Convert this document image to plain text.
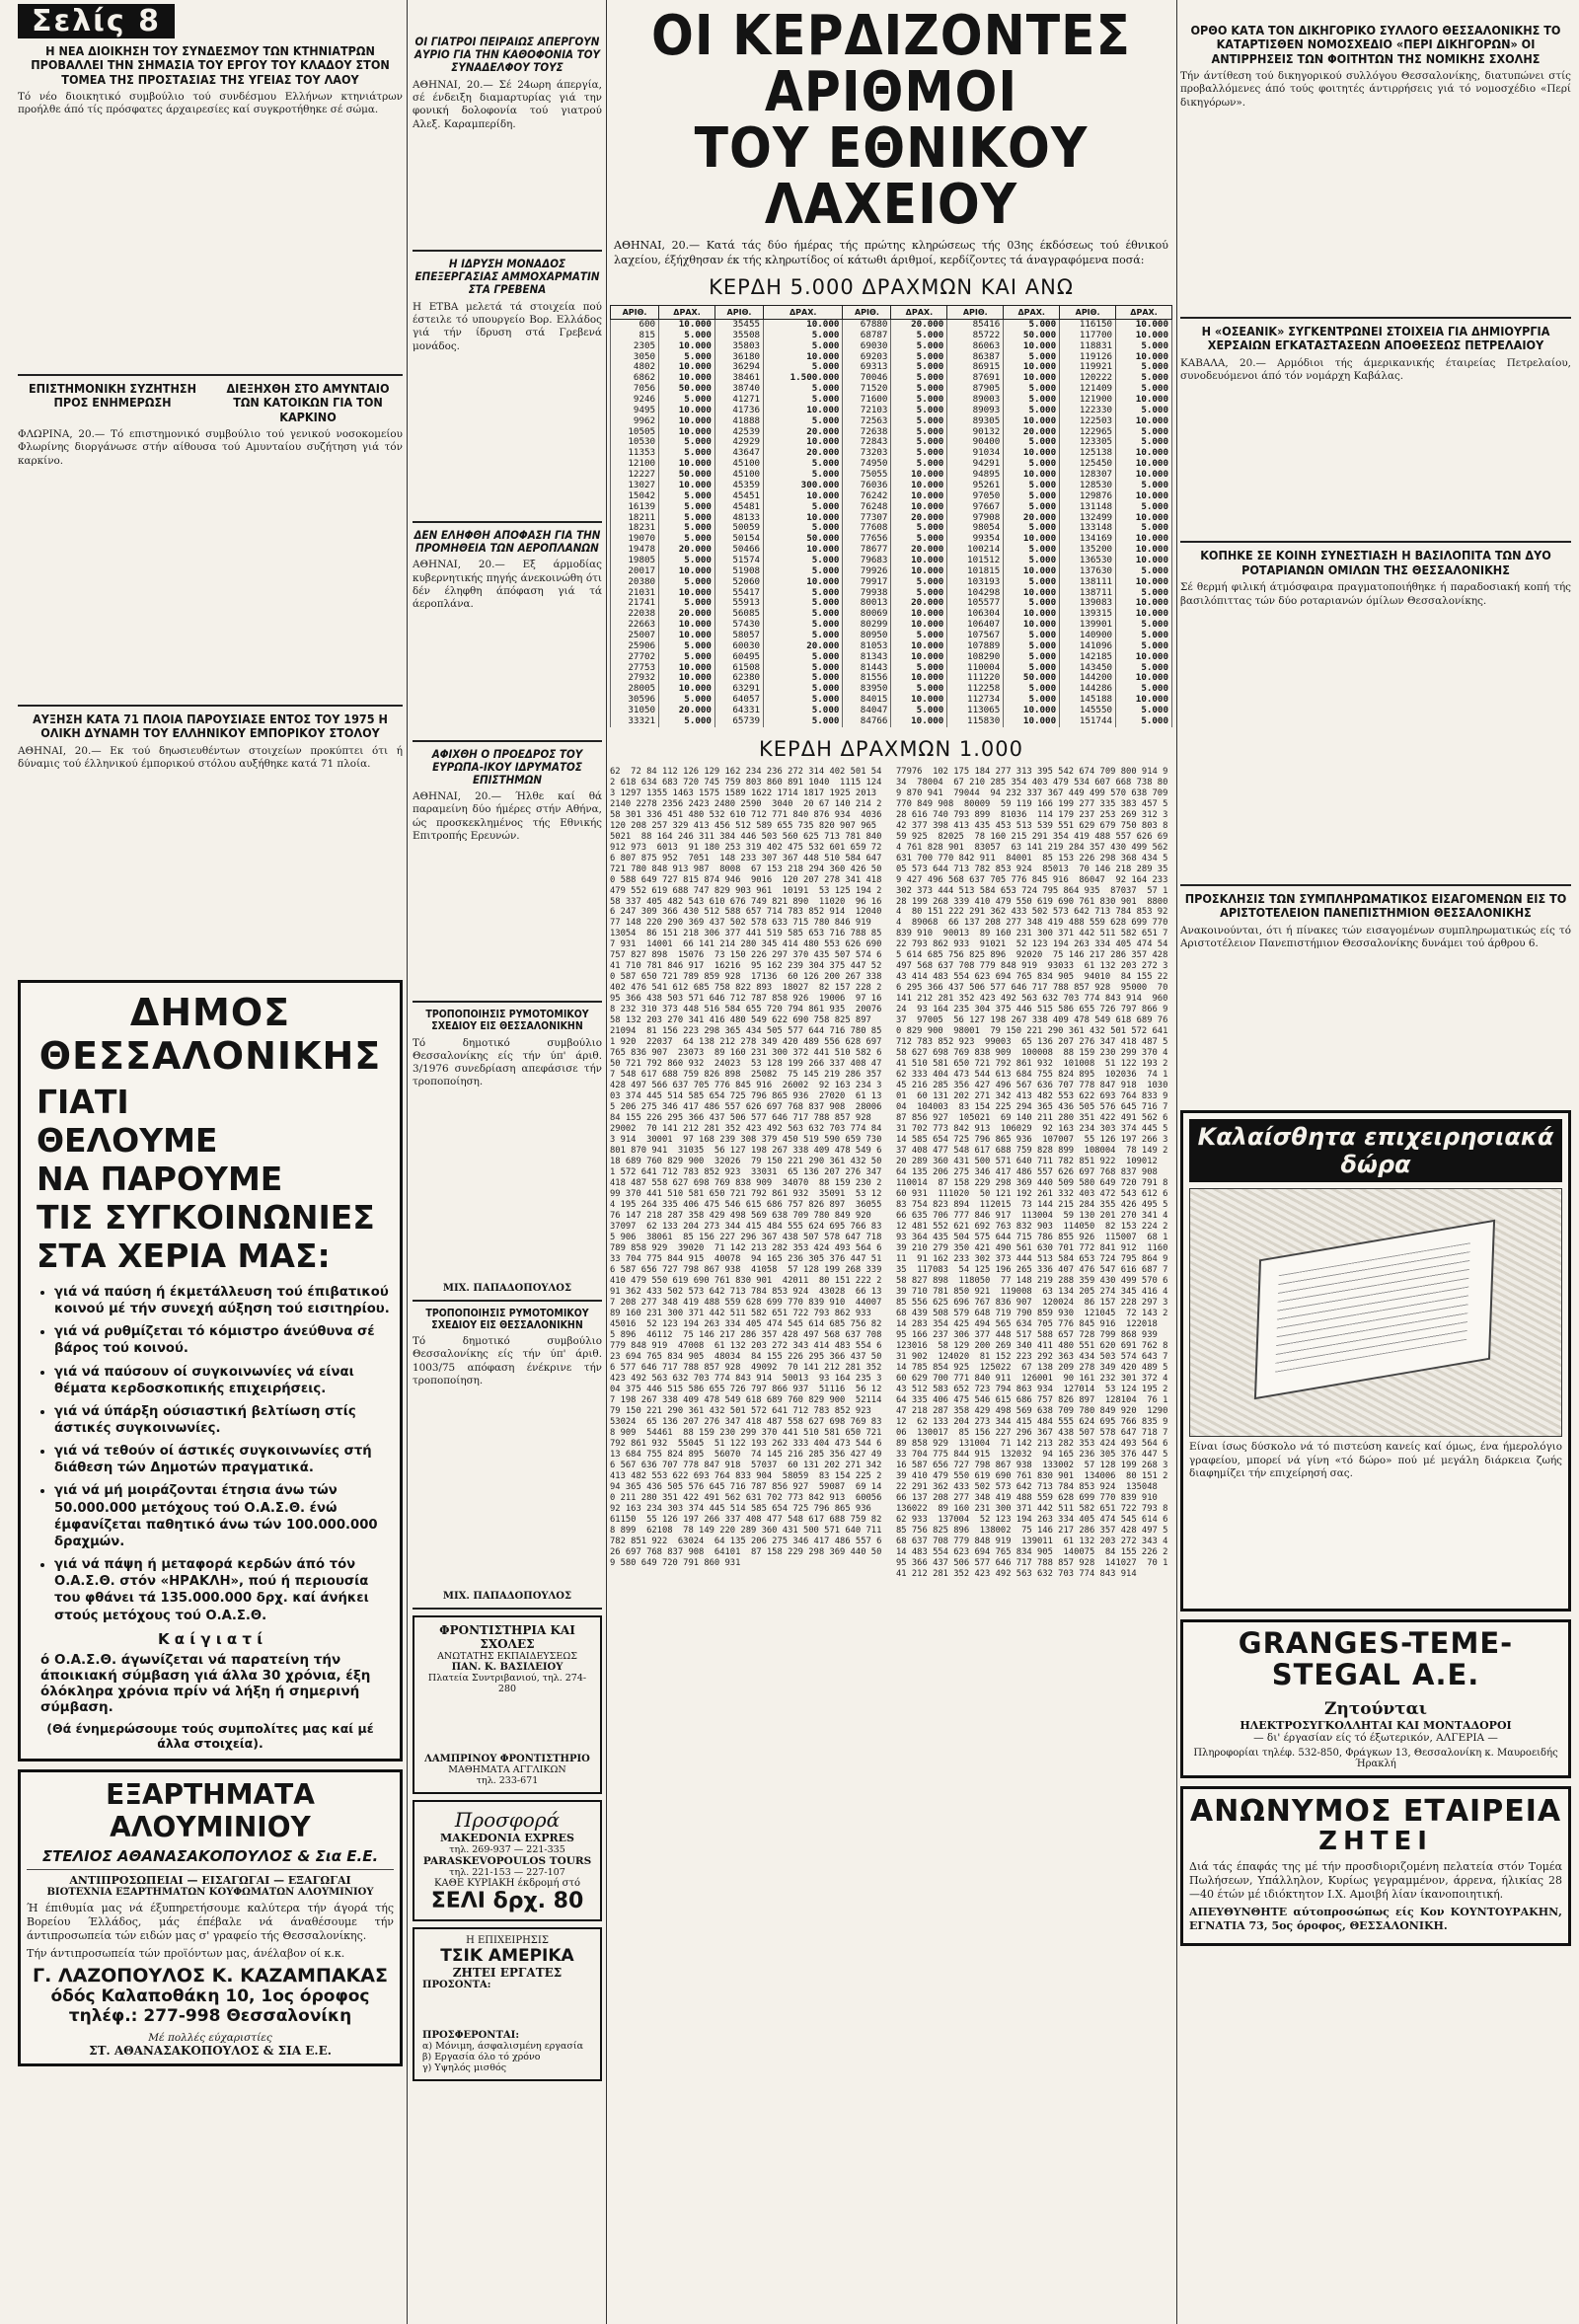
Σελίς 8
Η ΝΕΑ ΔΙΟΙΚΗΣΗ ΤΟΥ ΣΥΝΔΕΣΜΟΥ ΤΩΝ ΚΤΗΝΙΑΤΡΩΝ ΠΡΟΒΑΛΛΕΙ ΤΗΝ ΣΗΜΑΣΙΑ ΤΟΥ ΕΡΓΟΥ ΤΟΥ ΚΛΑΔΟΥ ΣΤΟΝ ΤΟΜΕΑ ΤΗΣ ΠΡΟΣΤΑΣΙΑΣ ΤΗΣ ΥΓΕΙΑΣ ΤΟΥ ΛΑΟΥ

Τό νέο διοικητικό συμβούλιο τού συνδέσμου Ελλήνων κτηνιάτρων προήλθε άπό τίς πρόσφατες άρχαιρεσίες καί συγκροτήθηκε σέ σώμα.

ΕΠΙΣΤΗΜΟΝΙΚΗ ΣΥΖΗΤΗΣΗ ΠΡΟΣ ΕΝΗΜΕΡΩΣΗ
ΔΙΕΞΗΧΘΗ ΣΤΟ ΑΜΥΝΤΑΙΟ ΤΩΝ ΚΑΤΟΙΚΩΝ ΓΙΑ ΤΟΝ ΚΑΡΚΙΝΟ

ΦΛΩΡΙΝΑ, 20.— Τό επιστημονικό συμβούλιο τού γενικού νοσοκομείου Φλωρίνης διοργάνωσε στήν αίθουσα τού Αμυνταίου συζήτηση γιά τόν καρκίνο.

ΑΥΞΗΣΗ ΚΑΤΑ 71 ΠΛΟΙΑ ΠΑΡΟΥΣΙΑΣΕ ΕΝΤΟΣ ΤΟΥ 1975 Η ΟΛΙΚΗ ΔΥΝΑΜΗ ΤΟΥ ΕΛΛΗΝΙΚΟΥ ΕΜΠΟΡΙΚΟΥ ΣΤΟΛΟΥ

ΑΘΗΝΑΙ, 20.— Εκ τού δηωσιευθέντων στοιχείων προκύπτει ότι ή δύναμις τού έλληνικού έμπορικού στόλου αυξήθηκε κατά 71 πλοία.

ΔΗΜΟΣ ΘΕΣΣΑΛΟΝΙΚΗΣ
ΓΙΑΤΙ
ΘΕΛΟΥΜΕ
ΝΑ ΠΑΡΟΥΜΕ
ΤΙΣ ΣΥΓΚΟΙΝΩΝΙΕΣ
ΣΤΑ ΧΕΡΙΑ ΜΑΣ:
• γιά νά παύση ή έκμετάλλευση τού έπιβατικού κοινού μέ τήν συνεχή αύξηση τού εισιτηρίου.
• γιά νά ρυθμίζεται τό κόμιστρο άνεύθυνα σέ βάρος τού κοινού.
• γιά νά παύσουν οί συγκοινωνίες νά είναι θέματα κερδοσκοπικής επιχειρήσεις.
• γιά νά ύπάρξη ούσιαστική βελτίωση στίς άστικές συγκοινωνίες.
• γιά νά τεθούν οί άστικές συγκοινωνίες στή διάθεση τών Δημοτών πραγματικά.
• γιά νά μή μοιράζονται έτησια άνω τών 50.000.000 μετόχους τού Ο.Α.Σ.Θ. ένώ έμφανίζεται παθητικό άνω τών 100.000.000 δραχμών.
• γιά νά πάψη ή μεταφορά κερδών άπό τόν Ο.Α.Σ.Θ. στόν «ΗΡΑΚΛΗ», πού ή περιουσία του φθάνει τά 135.000.000 δρχ. καί άνήκει στούς μετόχους τού Ο.Α.Σ.Θ.
Κ α ί γ ι α τ ί

ό Ο.Α.Σ.Θ. άγωνίζεται νά παρατείνη τήν άποικιακή σύμβαση γιά άλλα 30 χρόνια, έξη όλόκληρα χρόνια πρίν νά λήξη ή σημερινή σύμβαση.

(Θά ένημερώσουμε τούς συμπολίτες μας καί μέ άλλα στοιχεία).

ΕΞΑΡΤΗΜΑΤΑ ΑΛΟΥΜΙΝΙΟΥ
ΣΤΕΛΙΟΣ ΑΘΑΝΑΣΑΚΟΠΟΥΛΟΣ & Σια Ε.Ε.
ΑΝΤΙΠΡΟΣΩΠΕΙΑΙ — ΕΙΣΑΓΩΓΑΙ — ΕΞΑΓΩΓΑΙ
ΒΙΟΤΕΧΝΙΑ ΕΞΑΡΤΗΜΑΤΩΝ ΚΟΥΦΩΜΑΤΩΝ ΑΛΟΥΜΙΝΙΟΥ

Ή έπιθυμία μας νά έξυπηρετήσουμε καλύτερα τήν άγορά τής Βορείου Έλλάδος, μάς έπέβαλε νά άναθέσουμε τήν άντιπροσωπεία τών ειδών μας σ' γραφείο τής Θεσσαλονίκης.

Τήν άντιπροσωπεία τών προϊόντων μας, άνέλαβον οί κ.κ.

Γ. ΛΑΖΟΠΟΥΛΟΣ Κ. ΚΑΖΑΜΠΑΚΑΣ
όδός Καλαποθάκη 10, 1ος όροφος
τηλέφ.: 277-998 Θεσσαλονίκη
Μέ πολλές εύχαριστίες
ΣΤ. ΑΘΑΝΑΣΑΚΟΠΟΥΛΟΣ & ΣΙΑ Ε.Ε.
ΟΙ ΓΙΑΤΡΟΙ ΠΕΙΡΑΙΩΣ ΑΠΕΡΓΟΥΝ ΑΥΡΙΟ ΓΙΑ ΤΗΝ ΚΑΘΟΦΟΝΙΑ ΤΟΥ ΣΥΝΑΔΕΛΦΟΥ ΤΟΥΣ

ΑΘΗΝΑΙ, 20.— Σέ 24ωρη άπεργία, σέ ένδειξη διαμαρτυρίας γιά την φονική δολοφονία τού γιατρού Αλεξ. Καραμπερίδη.

Η ΙΔΡΥΣΗ ΜΟΝΑΔΟΣ ΕΠΕΞΕΡΓΑΣΙΑΣ ΑΜΜΟΧΑΡΜΑΤΙΝ ΣΤΑ ΓΡΕΒΕΝΑ

Η ΕΤΒΑ μελετά τά στοιχεία πού έστειλε τό υπουργείο Βορ. Ελλάδος γιά τήν ίδρυση στά Γρεβενά μονάδος.

ΔΕΝ ΕΛΗΦΘΗ ΑΠΟΦΑΣΗ ΓΙΑ ΤΗΝ ΠΡΟΜΗΘΕΙΑ ΤΩΝ ΑΕΡΟΠΛΑΝΩΝ

ΑΘΗΝΑΙ, 20.— Εξ άρμοδίας κυβερνητικής πηγής άνεκοινώθη ότι δέν έληφθη άπόφαση γιά τά άεροπλάνα.

ΑΦΙΧΘΗ Ο ΠΡΟΕΔΡΟΣ ΤΟΥ ΕΥΡΩΠΑ-ΙΚΟΥ ΙΔΡΥΜΑΤΟΣ ΕΠΙΣΤΗΜΩΝ

ΑΘΗΝΑΙ, 20.— Ήλθε καί θά παραμείνη δύο ήμέρες στήν Αθήνα, ώς προσκεκλημένος τής Εθνικής Επιτροπής Ερευνών.

ΤΡΟΠΟΠΟΙΗΣΙΣ ΡΥΜΟΤΟΜΙΚΟΥ ΣΧΕΔΙΟΥ ΕΙΣ ΘΕΣΣΑΛΟΝΙΚΗΝ

Τό δημοτικό συμβούλιο Θεσσαλονίκης είς τήν ύπ' άριθ. 3/1976 συνεδρίαση απεφάσισε τήν τροποποίηση.

ΜΙΧ. ΠΑΠΑΔΟΠΟΥΛΟΣ
ΤΡΟΠΟΠΟΙΗΣΙΣ ΡΥΜΟΤΟΜΙΚΟΥ ΣΧΕΔΙΟΥ ΕΙΣ ΘΕΣΣΑΛΟΝΙΚΗΝ

Τό δημοτικό συμβούλιο Θεσσαλονίκης είς τήν ύπ' άριθ. 1003/75 απόφαση ένέκρινε τήν τροποποίηση.

ΜΙΧ. ΠΑΠΑΔΟΠΟΥΛΟΣ
ΦΡΟΝΤΙΣΤΗΡΙΑ ΚΑΙ ΣΧΟΛΕΣ
ΑΝΩΤΑΤΗΣ ΕΚΠΑΙΔΕΥΣΕΩΣ
ΠΑΝ. Κ. ΒΑΣΙΛΕΙΟΥ
Πλατεία Συντριβανιού, τηλ. 274-280
ΛΑΜΠΡΙΝΟΥ ΦΡΟΝΤΙΣΤΗΡΙΟ
ΜΑΘΗΜΑΤΑ ΑΓΓΛΙΚΩΝ
τηλ. 233-671
Προσφορά
MAKEDONIA EXPRES
τηλ. 269-937 — 221-335
PARASKEVOPOULOS TOURS
τηλ. 221-153 — 227-107
ΚΑΘΕ ΚΥΡΙΑΚΗ έκδρομή στό
ΣΕΛΙ δρχ. 80
Η ΕΠΙΧΕΙΡΗΣΙΣ
ΤΣΙΚ ΑΜΕΡΙΚΑ
ΖΗΤΕΙ ΕΡΓΑΤΕΣ
ΠΡΟΣΟΝΤΑ:
ΠΡΟΣΦΕΡΟΝΤΑΙ:
α) Μόνιμη, άσφαλισμένη εργασία
β) Εργασία όλο τό χρόνο
γ) Υψηλός μισθός
ΟΙ ΚΕΡΔΙΖΟΝΤΕΣ ΑΡΙΘΜΟΙ
ΤΟΥ ΕΘΝΙΚΟΥ ΛΑΧΕΙΟΥ

ΑΘΗΝΑΙ, 20.— Κατά τάς δύο ήμέρας τής πρώτης κληρώσεως τής 03ης έκδόσεως τού έθνικού λαχείου, έξήχθησαν έκ τής κληρωτίδος οί κάτωθι άριθμοί, κερδίζοντες τά άναγραφόμενα ποσά:

ΚΕΡΔΗ 5.000 ΔΡΑΧΜΩΝ ΚΑΙ ΑΝΩ
ΑΡΙΘ.	ΔΡΑΧ.	ΑΡΙΘ.	ΔΡΑΧ.	ΑΡΙΘ.	ΔΡΑΧ.	ΑΡΙΘ.	ΔΡΑΧ.	ΑΡΙΘ.	ΔΡΑΧ.
600	10.000	35455	10.000	67880	20.000	85416	5.000	116150	10.000
815	5.000	35508	5.000	68787	5.000	85722	50.000	117700	10.000
2305	10.000	35803	5.000	69030	5.000	86063	10.000	118831	5.000
3050	5.000	36180	10.000	69203	5.000	86387	5.000	119126	10.000
4802	10.000	36294	5.000	69313	5.000	86915	10.000	119921	5.000
6862	10.000	38461	1.500.000	70046	5.000	87691	10.000	120222	5.000
7056	50.000	38740	5.000	71520	5.000	87905	5.000	121409	5.000
9246	5.000	41271	5.000	71600	5.000	89003	5.000	121900	10.000
9495	10.000	41736	10.000	72103	5.000	89093	5.000	122330	5.000
9962	10.000	41888	5.000	72563	5.000	89305	10.000	122503	10.000
10505	10.000	42539	20.000	72638	5.000	90132	20.000	122965	5.000
10530	5.000	42929	10.000	72843	5.000	90400	5.000	123305	5.000
11353	5.000	43647	20.000	73203	5.000	91034	10.000	125138	10.000
12100	10.000	45100	5.000	74950	5.000	94291	5.000	125450	10.000
12227	50.000	45100	5.000	75055	10.000	94895	10.000	128307	10.000
13027	10.000	45359	300.000	76036	10.000	95261	5.000	128530	5.000
15042	5.000	45451	10.000	76242	10.000	97050	5.000	129876	10.000
16139	5.000	45481	5.000	76248	10.000	97667	5.000	131148	5.000
18211	5.000	48133	10.000	77307	20.000	97908	20.000	132499	10.000
18231	5.000	50059	5.000	77608	5.000	98054	5.000	133148	5.000
19070	5.000	50154	50.000	77656	5.000	99354	10.000	134169	10.000
19478	20.000	50466	10.000	78677	20.000	100214	5.000	135200	10.000
19805	5.000	51574	5.000	79683	10.000	101512	5.000	136530	10.000
20017	10.000	51908	5.000	79926	10.000	101815	10.000	137630	5.000
20380	5.000	52060	10.000	79917	5.000	103193	5.000	138111	10.000
21031	10.000	55417	5.000	79938	5.000	104298	10.000	138711	5.000
21741	5.000	55913	5.000	80013	20.000	105577	5.000	139083	10.000
22038	20.000	56085	5.000	80069	10.000	106304	10.000	139315	10.000
22663	10.000	57430	5.000	80299	10.000	106407	10.000	139901	5.000
25007	10.000	58057	5.000	80950	5.000	107567	5.000	140900	5.000
25906	5.000	60030	20.000	81053	10.000	107889	5.000	141096	5.000
27702	5.000	60495	5.000	81343	10.000	108290	5.000	142185	10.000
27753	10.000	61508	5.000	81443	5.000	110004	5.000	143450	5.000
27932	10.000	62380	5.000	81556	10.000	111220	50.000	144200	10.000
28005	10.000	63291	5.000	83950	5.000	112258	5.000	144286	5.000
30596	5.000	64057	5.000	84015	10.000	112734	5.000	145188	10.000
31050	20.000	64331	5.000	84047	5.000	113065	10.000	145550	5.000
33321	5.000	65739	5.000	84766	10.000	115830	10.000	151744	5.000
ΚΕΡΔΗ ΔΡΑΧΜΩΝ 1.000
62  72 84 112 126 129 162 234 236 272 314 402 501 542 618 634 683 720 745 759 803 860 891 1040  1115 1243 1297 1355 1463 1575 1589 1622 1714 1817 1925 2013 2140 2278 2356 2423 2480 2590  3040  20 67 140 214 258 301 336 451 480 532 610 712 771 840 876 934  4036  120 208 257 329 413 456 512 589 655 735 820 907 965  5021  88 164 246 311 384 446 503 560 625 713 781 840 912 973  6013  91 180 253 319 402 475 532 601 659 726 807 875 952  7051  148 233 307 367 448 510 584 647 721 780 848 913 987  8008  67 153 218 294 360 426 500 588 649 727 815 874 946  9016  120 207 278 341 418 479 552 619 688 747 829 903 961  10191  53 125 194 258 337 405 482 543 610 676 749 821 890  11020  96 166 247 309 366 430 512 588 657 714 783 852 914  12040  77 148 220 290 369 437 502 578 633 715 780 846 919  13054  86 151 218 306 377 441 519 585 653 716 788 857 931  14001  66 141 214 280 345 414 480 553 626 690 757 827 898  15076  73 150 226 297 370 435 507 574 641 710 781 846 917  16216  95 162 239 304 375 447 520 587 650 721 789 859 928  17136  60 126 200 267 338 402 476 541 612 685 758 822 893  18027  82 157 228 295 366 438 503 571 646 712 787 858 926  19006  97 168 232 310 373 448 516 584 655 720 794 861 935  20076  58 132 203 270 341 416 480 549 622 690 758 825 897  21094  81 156 223 298 365 434 505 577 644 716 780 851 920  22037  64 138 212 278 349 420 489 556 628 697 765 836 907  23073  89 160 231 300 372 441 510 582 650 721 792 860 932  24023  53 128 199 266 337 408 477 548 617 688 759 826 898  25082  75 145 219 286 357 428 497 566 637 705 776 845 916  26002  92 163 234 303 374 445 514 585 654 725 796 865 936  27020  61 135 206 275 346 417 486 557 626 697 768 837 908  28006  84 155 226 295 366 437 506 577 646 717 788 857 928  29002  70 141 212 281 352 423 492 563 632 703 774 843 914  30001  97 168 239 308 379 450 519 590 659 730 801 870 941  31035  56 127 198 267 338 409 478 549 618 689 760 829 900  32026  79 150 221 290 361 432 501 572 641 712 783 852 923  33031  65 136 207 276 347 418 487 558 627 698 769 838 909  34070  88 159 230 299 370 441 510 581 650 721 792 861 932  35091  53 124 195 264 335 406 475 546 615 686 757 826 897  36055  76 147 218 287 358 429 498 569 638 709 780 849 920  37097  62 133 204 273 344 415 484 555 624 695 766 835 906  38061  85 156 227 296 367 438 507 578 647 718 789 858 929  39020  71 142 213 282 353 424 493 564 633 704 775 844 915  40078  94 165 236 305 376 447 516 587 656 727 798 867 938  41058  57 128 199 268 339 410 479 550 619 690 761 830 901  42011  80 151 222 291 362 433 502 573 642 713 784 853 924  43028  66 137 208 277 348 419 488 559 628 699 770 839 910  44007  89 160 231 300 371 442 511 582 651 722 793 862 933  45016  52 123 194 263 334 405 474 545 614 685 756 825 896  46112  75 146 217 286 357 428 497 568 637 708 779 848 919  47008  61 132 203 272 343 414 483 554 623 694 765 834 905  48034  84 155 226 295 366 437 506 577 646 717 788 857 928  49092  70 141 212 281 352 423 492 563 632 703 774 843 914  50013  93 164 235 304 375 446 515 586 655 726 797 866 937  51116  56 127 198 267 338 409 478 549 618 689 760 829 900  52114  79 150 221 290 361 432 501 572 641 712 783 852 923  53024  65 136 207 276 347 418 487 558 627 698 769 838 909  54461  88 159 230 299 370 441 510 581 650 721 792 861 932  55045  51 122 193 262 333 404 473 544 613 684 755 824 895  56070  74 145 216 285 356 427 496 567 636 707 778 847 918  57037  60 131 202 271 342 413 482 553 622 693 764 833 904  58059  83 154 225 294 365 436 505 576 645 716 787 856 927  59087  69 140 211 280 351 422 491 562 631 702 773 842 913  60056  92 163 234 303 374 445 514 585 654 725 796 865 936  61150  55 126 197 266 337 408 477 548 617 688 759 828 899  62108  78 149 220 289 360 431 500 571 640 711 782 851 922  63024  64 135 206 275 346 417 486 557 626 697 768 837 908  64101  87 158 229 298 369 440 509 580 649 720 791 860 931
77976  102 175 184 277 313 395 542 674 709 800 914 934  78004  67 210 285 354 403 479 534 607 668 738 809 870 941  79044  94 232 337 367 449 499 570 638 709 770 849 908  80009  59 119 166 199 277 335 383 457 528 616 740 793 899  81036  114 179 237 253 269 312 342 377 398 413 435 453 513 539 551 629 679 750 803 859 925  82025  78 160 215 291 354 419 488 557 626 694 761 828 901  83057  63 141 219 284 357 430 499 562 631 700 770 842 911  84001  85 153 226 298 368 434 505 573 644 713 782 853 924  85013  70 146 218 289 359 427 496 568 637 705 776 845 916  86047  92 164 233 302 373 444 513 584 653 724 795 864 935  87037  57 128 199 268 339 410 479 550 619 690 761 830 901  88004  80 151 222 291 362 433 502 573 642 713 784 853 924  89068  66 137 208 277 348 419 488 559 628 699 770 839 910  90013  89 160 231 300 371 442 511 582 651 722 793 862 933  91021  52 123 194 263 334 405 474 545 614 685 756 825 896  92020  75 146 217 286 357 428 497 568 637 708 779 848 919  93033  61 132 203 272 343 414 483 554 623 694 765 834 905  94010  84 155 226 295 366 437 506 577 646 717 788 857 928  95000  70 141 212 281 352 423 492 563 632 703 774 843 914  96024  93 164 235 304 375 446 515 586 655 726 797 866 937  97005  56 127 198 267 338 409 478 549 618 689 760 829 900  98001  79 150 221 290 361 432 501 572 641 712 783 852 923  99003  65 136 207 276 347 418 487 558 627 698 769 838 909  100008  88 159 230 299 370 441 510 581 650 721 792 861 932  101008  51 122 193 262 333 404 473 544 613 684 755 824 895  102036  74 145 216 285 356 427 496 567 636 707 778 847 918  103001  60 131 202 271 342 413 482 553 622 693 764 833 904  104003  83 154 225 294 365 436 505 576 645 716 787 856 927  105021  69 140 211 280 351 422 491 562 631 702 773 842 913  106029  92 163 234 303 374 445 514 585 654 725 796 865 936  107007  55 126 197 266 337 408 477 548 617 688 759 828 899  108004  78 149 220 289 360 431 500 571 640 711 782 851 922  109012  64 135 206 275 346 417 486 557 626 697 768 837 908  110014  87 158 229 298 369 440 509 580 649 720 791 860 931  111020  50 121 192 261 332 403 472 543 612 683 754 823 894  112015  73 144 215 284 355 426 495 566 635 706 777 846 917  113004  59 130 201 270 341 412 481 552 621 692 763 832 903  114050  82 153 224 293 364 435 504 575 644 715 786 855 926  115007  68 139 210 279 350 421 490 561 630 701 772 841 912  116011  91 162 233 302 373 444 513 584 653 724 795 864 935  117083  54 125 196 265 336 407 476 547 616 687 758 827 898  118050  77 148 219 288 359 430 499 570 639 710 781 850 921  119008  63 134 205 274 345 416 485 556 625 696 767 836 907  120024  86 157 228 297 368 439 508 579 648 719 790 859 930  121045  72 143 214 283 354 425 494 565 634 705 776 845 916  122018  95 166 237 306 377 448 517 588 657 728 799 868 939  123016  58 129 200 269 340 411 480 551 620 691 762 831 902  124020  81 152 223 292 363 434 503 574 643 714 785 854 925  125022  67 138 209 278 349 420 489 560 629 700 771 840 911  126001  90 161 232 301 372 443 512 583 652 723 794 863 934  127014  53 124 195 264 335 406 475 546 615 686 757 826 897  128104  76 147 218 287 358 429 498 569 638 709 780 849 920  129012  62 133 204 273 344 415 484 555 624 695 766 835 906  130017  85 156 227 296 367 438 507 578 647 718 789 858 929  131004  71 142 213 282 353 424 493 564 633 704 775 844 915  132032  94 165 236 305 376 447 516 587 656 727 798 867 938  133002  57 128 199 268 339 410 479 550 619 690 761 830 901  134006  80 151 222 291 362 433 502 573 642 713 784 853 924  135048  66 137 208 277 348 419 488 559 628 699 770 839 910  136022  89 160 231 300 371 442 511 582 651 722 793 862 933  137004  52 123 194 263 334 405 474 545 614 685 756 825 896  138002  75 146 217 286 357 428 497 568 637 708 779 848 919  139011  61 132 203 272 343 414 483 554 623 694 765 834 905  140075  84 155 226 295 366 437 506 577 646 717 788 857 928  141027  70 141 212 281 352 423 492 563 632 703 774 843 914
ΟΡΘΟ ΚΑΤΑ ΤΟΝ ΔΙΚΗΓΟΡΙΚΟ ΣΥΛΛΟΓΟ ΘΕΣΣΑΛΟΝΙΚΗΣ ΤΟ ΚΑΤΑΡΤΙΣΘΕΝ ΝΟΜΟΣΧΕΔΙΟ «ΠΕΡΙ ΔΙΚΗΓΟΡΩΝ» ΟΙ ΑΝΤΙΡΡΗΣΕΙΣ ΤΩΝ ΦΟΙΤΗΤΩΝ ΤΗΣ ΝΟΜΙΚΗΣ ΣΧΟΛΗΣ

Τήν άντίθεση τού δικηγορικού συλλόγου Θεσσαλονίκης, διατυπώνει στίς προβαλλόμενες άπό τούς φοιτητές άντιρρήσεις γιά τό νομοσχέδιο «Περί δικηγόρων».

Η «ΟΣΕΑΝΙΚ» ΣΥΓΚΕΝΤΡΩΝΕΙ ΣΤΟΙΧΕΙΑ ΓΙΑ ΔΗΜΙΟΥΡΓΙΑ ΧΕΡΣΑΙΩΝ ΕΓΚΑΤΑΣΤΑΣΕΩΝ ΑΠΟΘΕΣΕΩΣ ΠΕΤΡΕΛΑΙΟΥ

ΚΑΒΑΛΑ, 20.— Αρμόδιοι τής άμερικανικής έταιρείας Πετρελαίου, συνοδευόμενοι άπό τόν νομάρχη Καβάλας.

ΚΟΠΗΚΕ ΣΕ ΚΟΙΝΗ ΣΥΝΕΣΤΙΑΣΗ Η ΒΑΣΙΛΟΠΙΤΑ ΤΩΝ ΔΥΟ ΡΟΤΑΡΙΑΝΩΝ ΟΜΙΛΩΝ ΤΗΣ ΘΕΣΣΑΛΟΝΙΚΗΣ

Σέ θερμή φιλική άτμόσφαιρα πραγματοποιήθηκε ή παραδοσιακή κοπή τής βασιλόπιττας τών δύο ροταριανών όμίλων Θεσσαλονίκης.

ΠΡΟΣΚΛΗΣΙΣ ΤΩΝ ΣΥΜΠΛΗΡΩΜΑΤΙΚΟΣ ΕΙΣΑΓΟΜΕΝΩΝ ΕΙΣ ΤΟ ΑΡΙΣΤΟΤΕΛΕΙΟΝ ΠΑΝΕΠΙΣΤΗΜΙΟΝ ΘΕΣΣΑΛΟΝΙΚΗΣ

Ανακοινούνται, ότι ή πίνακες τών εισαγομένων συμπληρωματικώς είς τό Αριστοτέλειον Πανεπιστήμιον Θεσσαλονίκης δυνάμει τού άρθρου 6.

Καλαίσθητα επιχειρησιακά δώρα

Είναι ίσως δύσκολο νά τό πιστεύση κανείς καί όμως, ένα ήμερολόγιο γραφείου, μπορεί νά γίνη «τό δώρο» πού μέ μεγάλη διάρκεια ζωής διαφημίζει τήν επιχείρησή σας.

GRANGES-TEME-STEGAL Α.Ε.
Ζητούνται
ΗΛΕΚΤΡΟΣΥΓΚΟΛΛΗΤΑΙ ΚΑΙ ΜΟΝΤΑΔΟΡΟΙ
— δι' έργασίαν είς τό έξωτερικόν, ΑΛΓΕΡΙΑ —
Πληροφορίαι τηλέφ. 532-850, Φράγκων 13, Θεσσαλονίκη κ. Μαυροειδής Ήρακλή
ΑΝΩΝΥΜΟΣ ΕΤΑΙΡΕΙΑ
ΖΗΤΕΙ

Διά τάς έπαφάς της μέ τήν προσδιοριζομένη πελατεία στόν Τομέα Πωλήσεων, Υπάλληλον, Κυρίως γεγραμμένον, άρρενα, ήλικίας 28—40 έτών μέ ιδιόκτητον Ι.Χ. Αμοιβή λίαν ίκανοποιητική.

ΑΠΕΥΘΥΝΘΗΤΕ αύτοπροσώπως είς Κον ΚΟΥΝΤΟΥΡΑΚΗΝ, ΕΓΝΑΤΙΑ 73, 5ος όροφος, ΘΕΣΣΑΛΟΝΙΚΗ.
